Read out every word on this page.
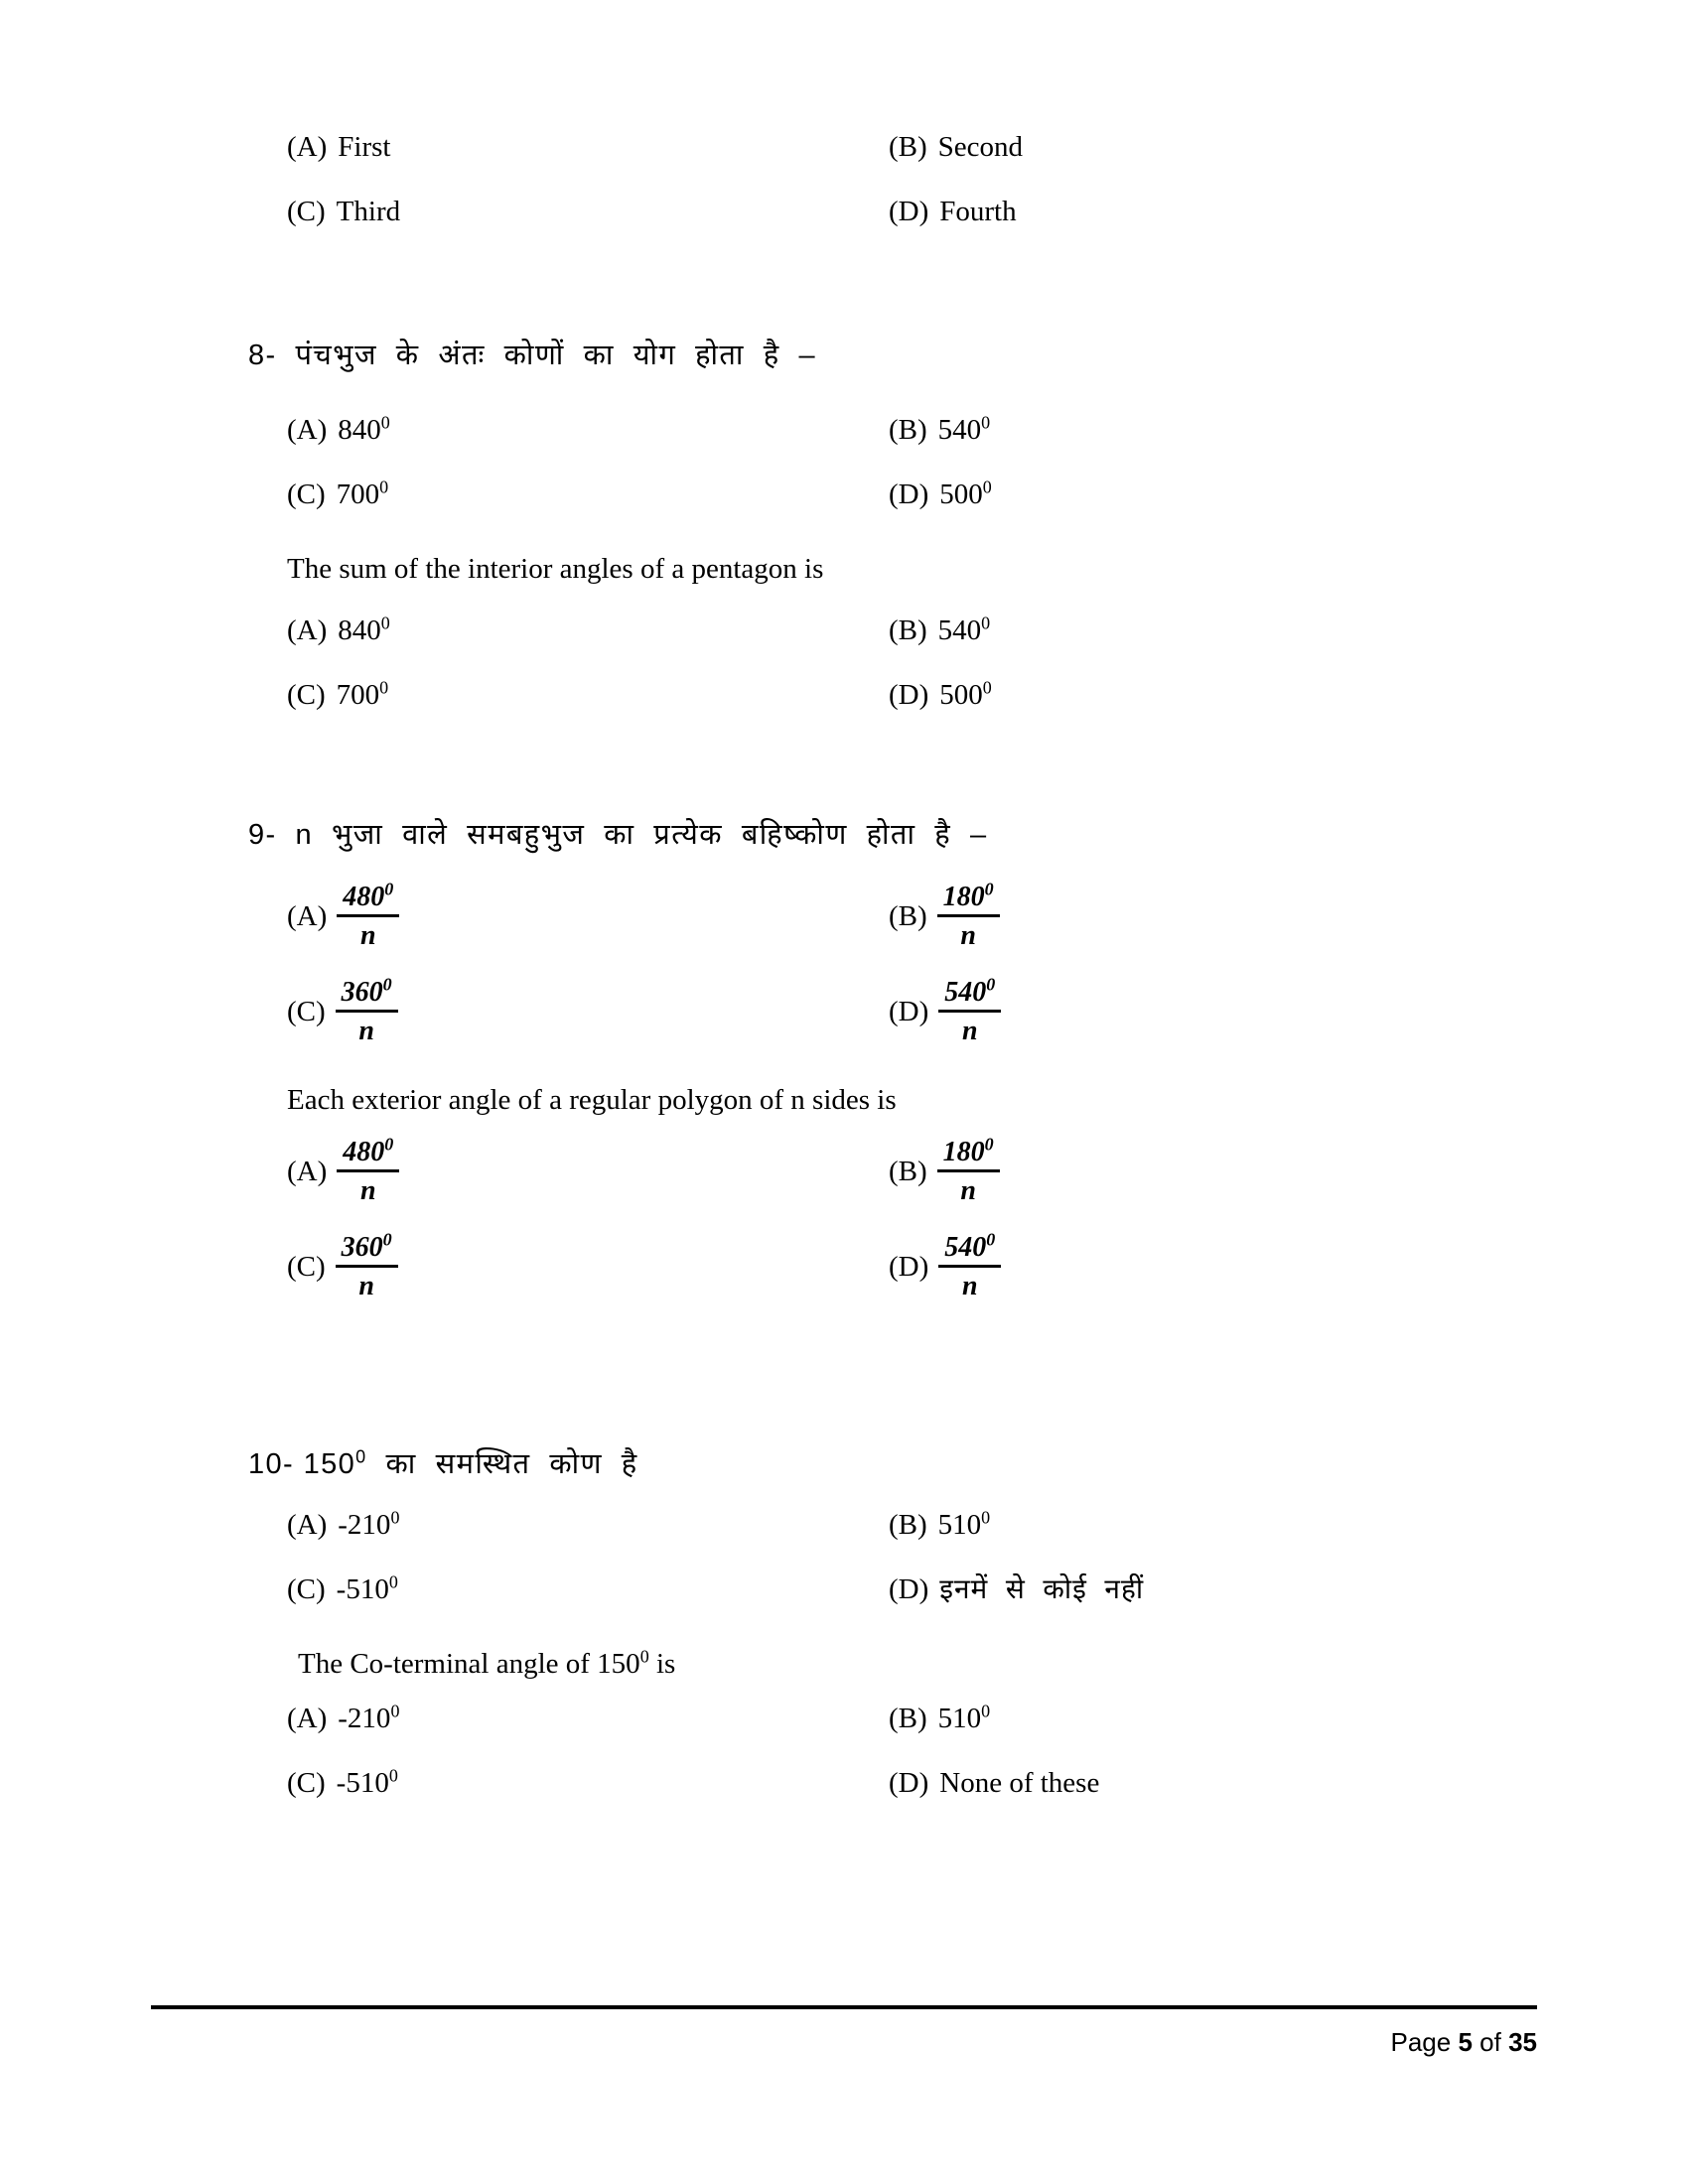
(A) First	(B) Second
(C) Third	(D) Fourth
8-  पंचभुज  के  अंतः  कोणों  का  योग  होता  है  –
(A) $840^0$	(B) $540^0$
(C) $700^0$	(D) $500^0$
The sum of the interior angles of a pentagon is
(A) $840^0$	(B) $540^0$
(C) $700^0$	(D) $500^0$
9-  n  भुजा  वाले  समबहुभुज  का  प्रत्येक  बहिष्कोण  होता  है  –
$(A) \frac{480^0}{n}$	$(B) \frac{180^0}{n}$
$(C) \frac{360^0}{n}$	$(D) \frac{540^0}{n}$
Each exterior angle of a regular polygon of n sides is
$(A) \frac{480^0}{n}$	$(B) \frac{180^0}{n}$
$(C) \frac{360^0}{n}$	$(D) \frac{540^0}{n}$
10- $150^0$  का  समस्थित  कोण  है
(A) $-210^0$	(B) $510^0$
(C) $-510^0$	(D) इनमें  से  कोई  नहीं
The Co-terminal angle of $150^0$ is
(A) $-210^0$	(B) $510^0$
(C) $-510^0$	(D) None of these
Page 5 of 35
